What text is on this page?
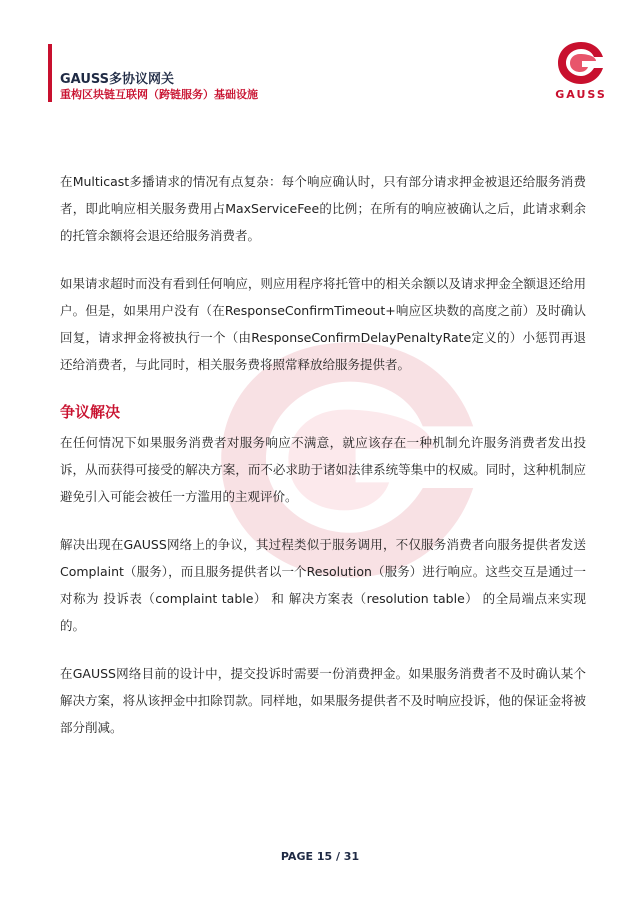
GAUSS多协议网关
重构区块链互联网（跨链服务）基础设施	GAUSS

在Multicast多播请求的情况有点复杂：每个响应确认时，只有部分请求押金被退还给服务消费者，即此响应相关服务费用占MaxServiceFee的比例；在所有的响应被确认之后，此请求剩余的托管余额将会退还给服务消费者。

如果请求超时而没有看到任何响应，则应用程序将托管中的相关余额以及请求押金全额退还给用户。但是，如果用户没有（在ResponseConfirmTimeout+响应区块数的高度之前）及时确认回复，请求押金将被执行一个（由ResponseConfirmDelayPenaltyRate定义的）小惩罚再退还给消费者，与此同时，相关服务费将照常释放给服务提供者。

争议解决

在任何情况下如果服务消费者对服务响应不满意，就应该存在一种机制允许服务消费者发出投诉，从而获得可接受的解决方案，而不必求助于诸如法律系统等集中的权威。同时，这种机制应避免引入可能会被任一方滥用的主观评价。

解决出现在GAUSS网络上的争议，其过程类似于服务调用，不仅服务消费者向服务提供者发送Complaint（服务），而且服务提供者以一个Resolution（服务）进行响应。这些交互是通过一对称为 投诉表（complaint table） 和 解决方案表（resolution table） 的全局端点来实现的。

在GAUSS网络目前的设计中，提交投诉时需要一份消费押金。如果服务消费者不及时确认某个解决方案，将从该押金中扣除罚款。同样地，如果服务提供者不及时响应投诉，他的保证金将被部分削减。

PAGE 15 / 31
